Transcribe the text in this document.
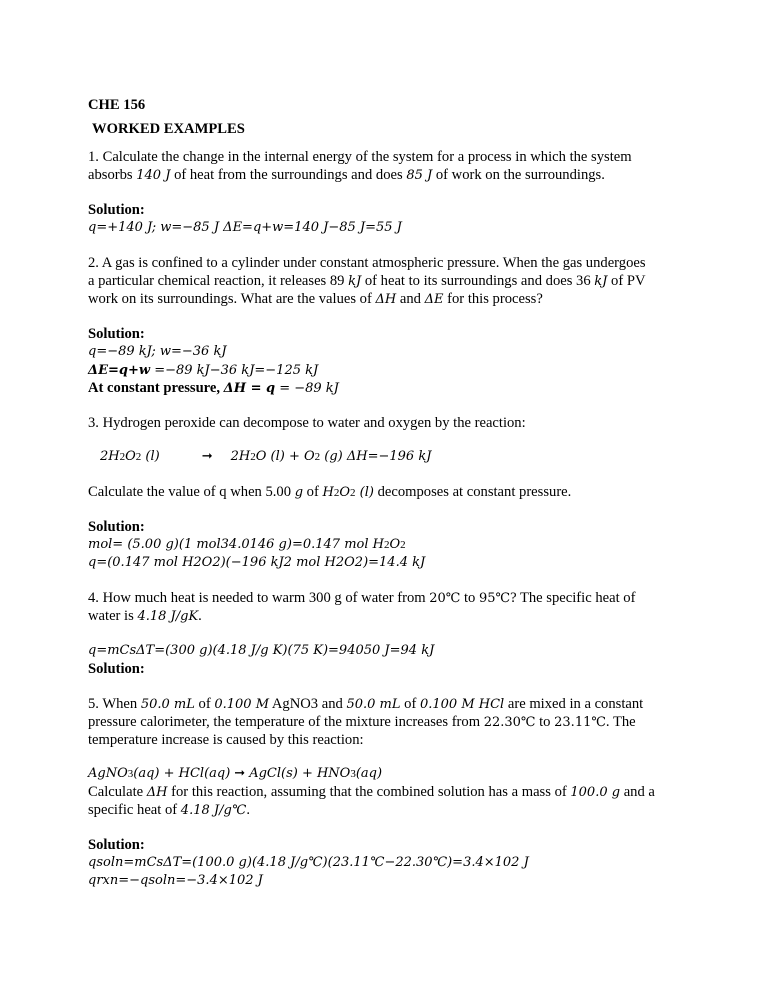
CHE 156
WORKED EXAMPLES
1. Calculate the change in the internal energy of the system for a process in which the system
absorbs 140 J of heat from the surroundings and does 85 J of work on the surroundings.
Solution:
q=+140 J; w=−85 J ΔE=q+w=140 J−85 J=55 J
2. A gas is confined to a cylinder under constant atmospheric pressure. When the gas undergoes
a particular chemical reaction, it releases 89 kJ of heat to its surroundings and does 36 kJ of PV
work on its surroundings. What are the values of ΔH and ΔE for this process?
Solution:
q=−89 kJ; w=−36 kJ
ΔE=q+w =−89 kJ−36 kJ=−125 kJ
At constant pressure, ΔH = q = −89 kJ
3. Hydrogen peroxide can decompose to water and oxygen by the reaction:
2H2O2 (l)	➞ 2H2O (l) + O2 (g) ΔH=−196 kJ
Calculate the value of q when 5.00 g of H2O2 (l) decomposes at constant pressure.
Solution:
mol= (5.00 g)(1 mol34.0146 g)=0.147 mol H2O2
q=(0.147 mol H2O2)(−196 kJ2 mol H2O2)=14.4 kJ
4. How much heat is needed to warm 300 g of water from 20℃ to 95℃? The specific heat of
water is 4.18 J/gK.
q=mCsΔT=(300 g)(4.18 J/g K)(75 K)=94050 J=94 kJ
Solution:
5. When 50.0 mL of 0.100 M AgNO3 and 50.0 mL of 0.100 M HCl are mixed in a constant
pressure calorimeter, the temperature of the mixture increases from 22.30℃ to 23.11℃. The
temperature increase is caused by this reaction:
AgNO3(aq) + HCl(aq) ➞ AgCl(s) + HNO3(aq)
Calculate ΔH for this reaction, assuming that the combined solution has a mass of 100.0 g and a
specific heat of 4.18 J/g℃.
Solution:
qsoln=mCsΔT=(100.0 g)(4.18 J/g℃)(23.11℃−22.30℃)=3.4×102 J
qrxn=−qsoln=−3.4×102 J
